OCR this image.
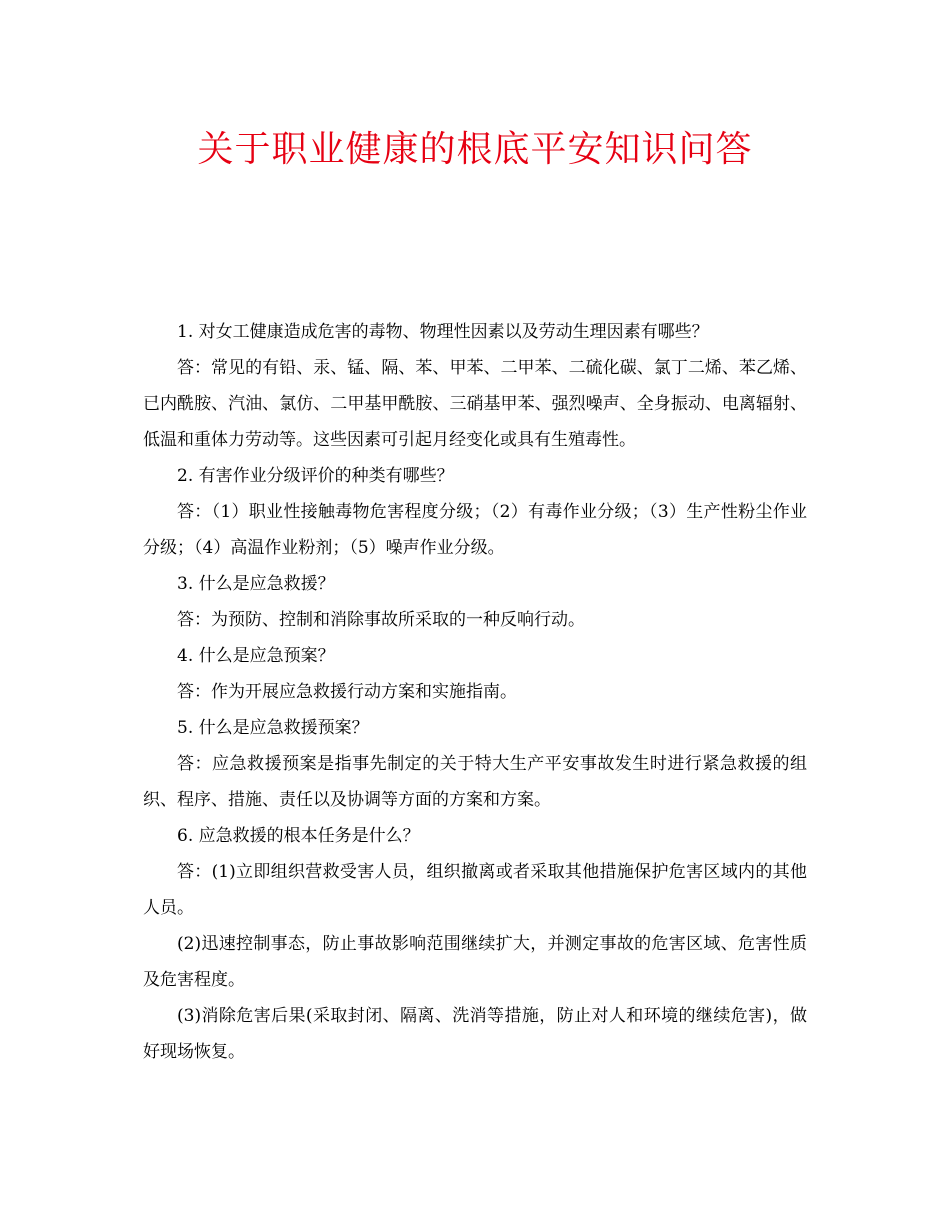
关于职业健康的根底平安知识问答

1. 对女工健康造成危害的毒物、物理性因素以及劳动生理因素有哪些？

答：常见的有铅、汞、锰、隔、苯、甲苯、二甲苯、二硫化碳、氯丁二烯、苯乙烯、已内酰胺、汽油、氯仿、二甲基甲酰胺、三硝基甲苯、强烈噪声、全身振动、电离辐射、低温和重体力劳动等。这些因素可引起月经变化或具有生殖毒性。

2. 有害作业分级评价的种类有哪些？

答：（1）职业性接触毒物危害程度分级；（2）有毒作业分级；（3）生产性粉尘作业分级；（4）高温作业粉剂；（5）噪声作业分级。

3. 什么是应急救援？

答：为预防、控制和消除事故所采取的一种反响行动。

4. 什么是应急预案？

答：作为开展应急救援行动方案和实施指南。

5. 什么是应急救援预案？

答：应急救援预案是指事先制定的关于特大生产平安事故发生时进行紧急救援的组织、程序、措施、责任以及协调等方面的方案和方案。

6. 应急救援的根本任务是什么？

答：(1)立即组织营救受害人员，组织撤离或者采取其他措施保护危害区域内的其他人员。

(2)迅速控制事态，防止事故影响范围继续扩大，并测定事故的危害区域、危害性质及危害程度。

(3)消除危害后果(采取封闭、隔离、洗消等措施，防止对人和环境的继续危害)，做好现场恢复。
